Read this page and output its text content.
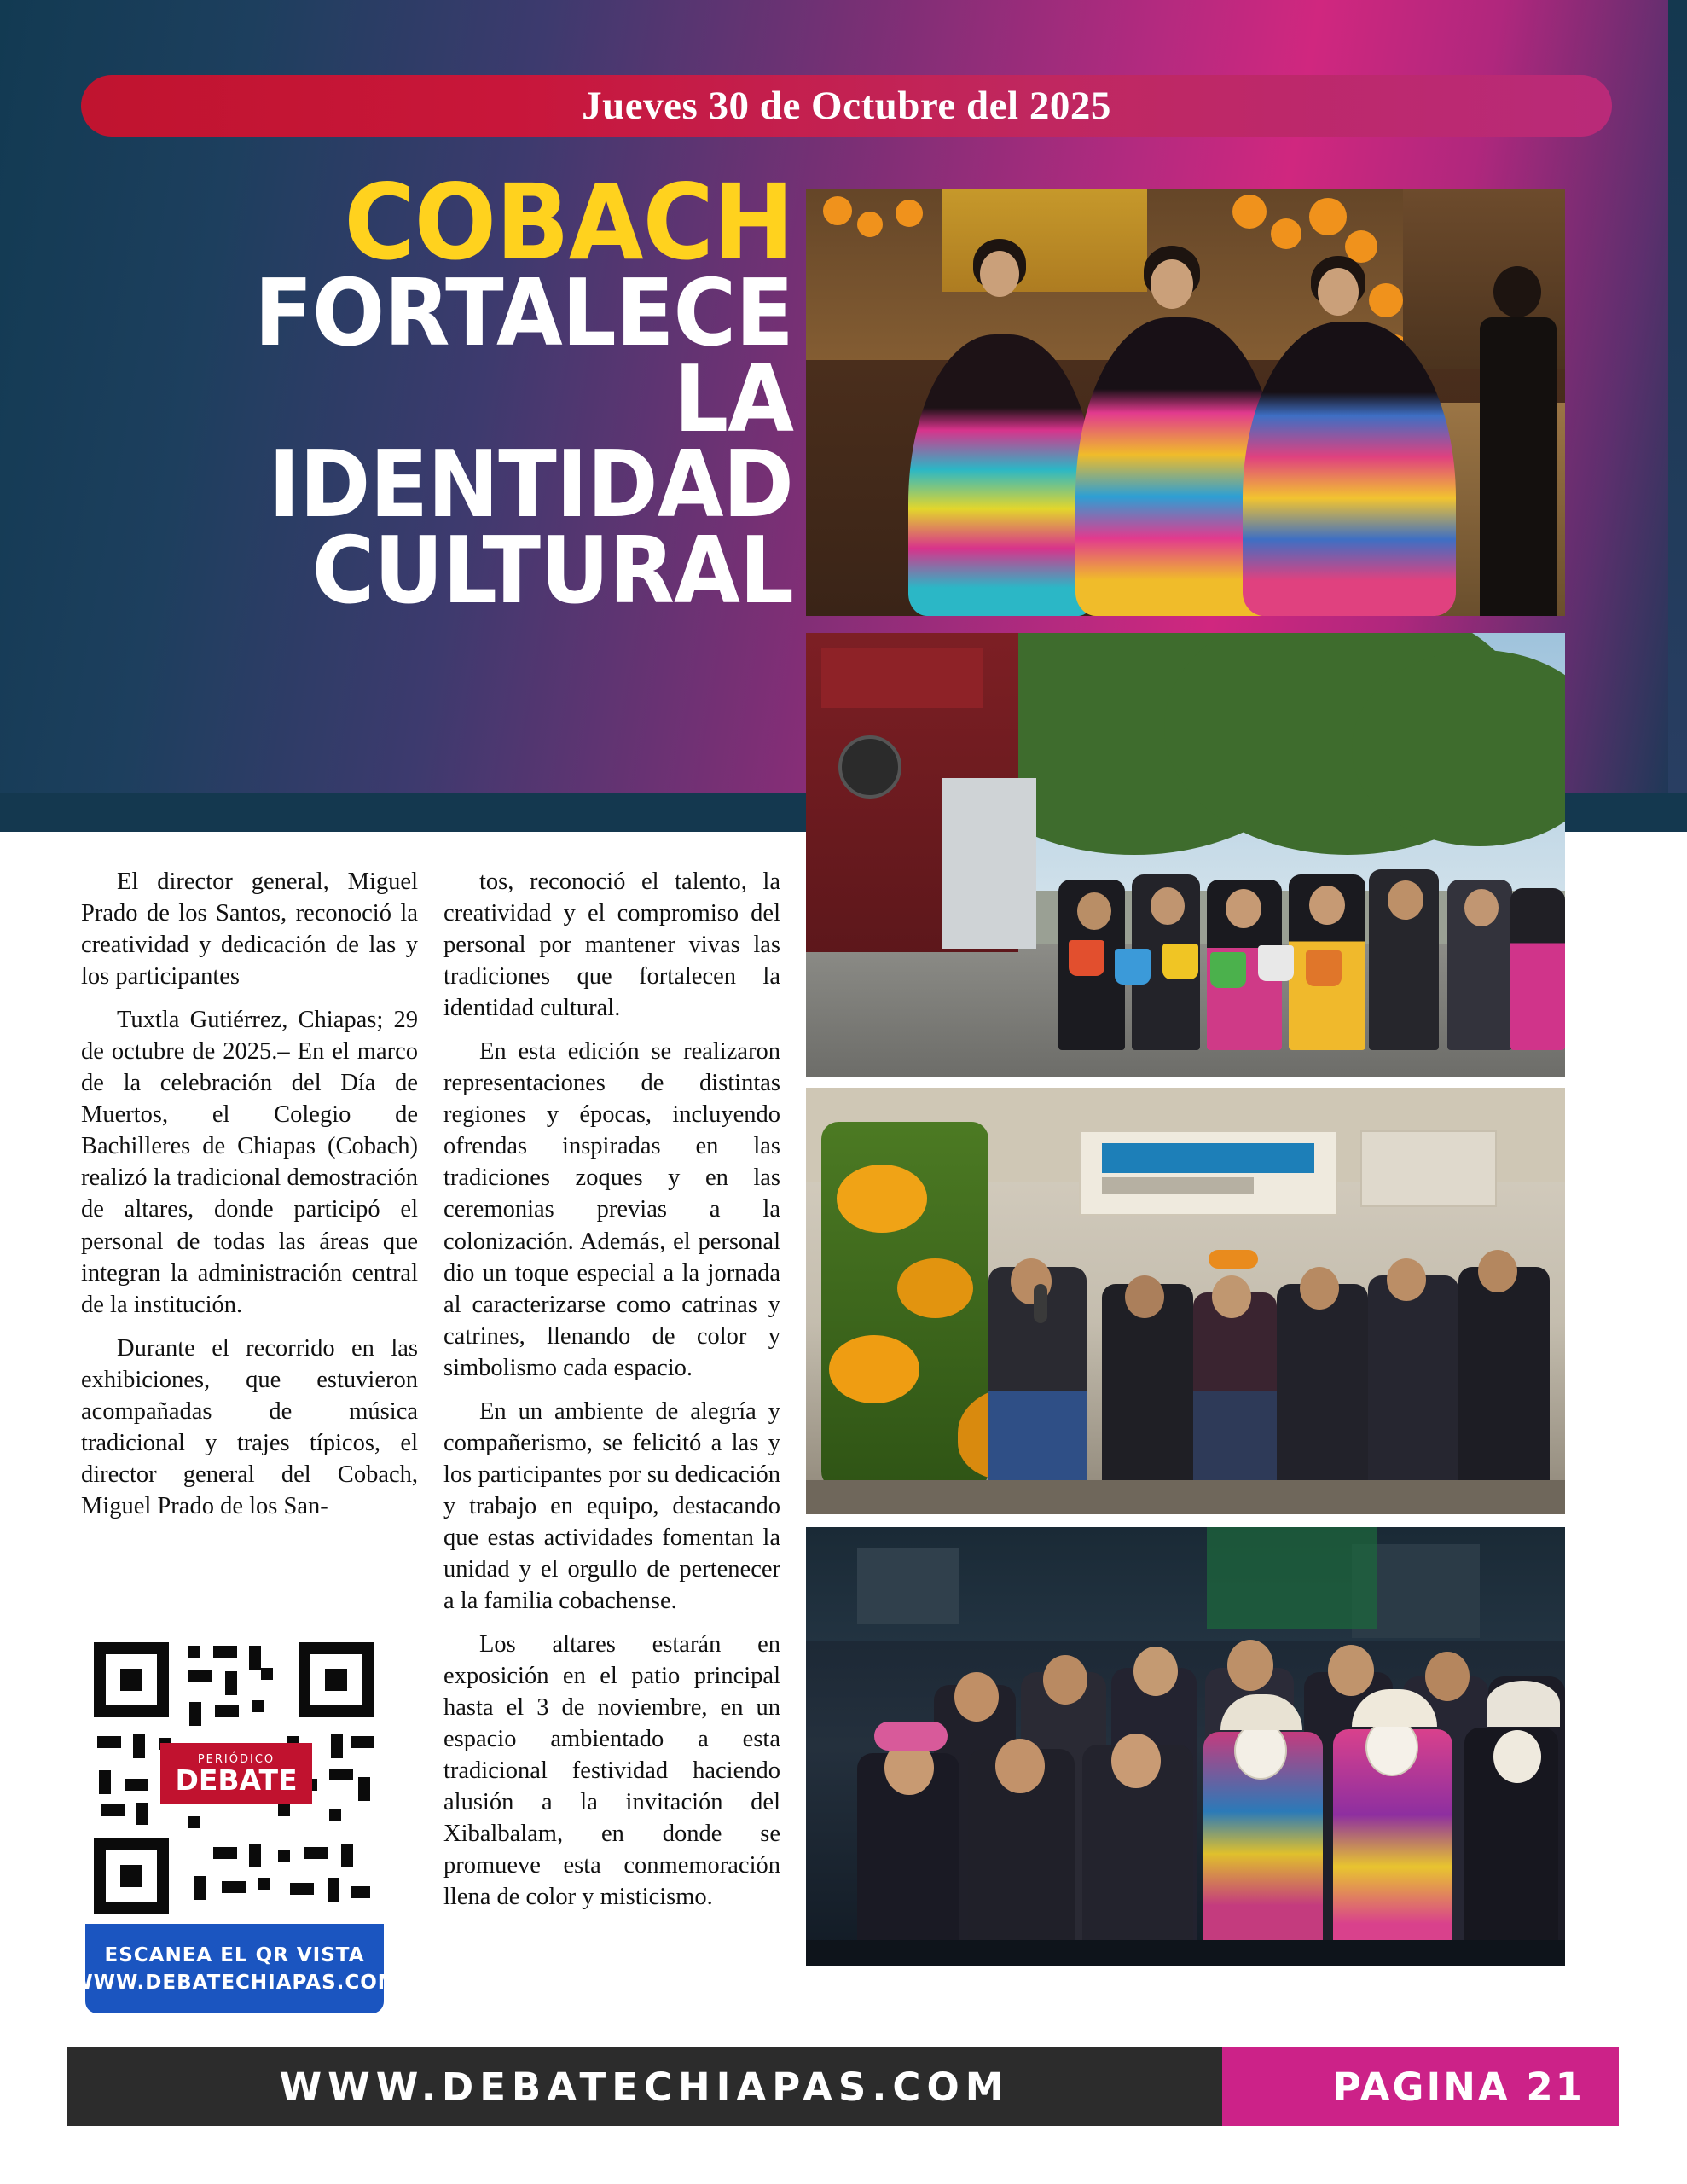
Jueves 30 de Octubre del 2025
COBACH
FORTALECE
LA IDENTIDAD
CULTURAL

El director general, Miguel Prado de los Santos, reconoció la creatividad y dedicación de las y los participantes

Tuxtla Gutiérrez, Chiapas; 29 de octubre de 2025.– En el marco de la celebración del Día de Muertos, el Colegio de Bachilleres de Chiapas (Cobach) realizó la tradicional demostración de altares, donde participó el personal de todas las áreas que integran la administración central de la institución.

Durante el recorrido en las exhibiciones, que estuvieron acompañadas de música tradicional y trajes típicos, el director general del Cobach, Miguel Prado de los San-

tos, reconoció el talento, la creatividad y el compromiso del personal por mantener vivas las tradiciones que fortalecen la identidad cultural.

En esta edición se realizaron representaciones de distintas regiones y épocas, incluyendo ofrendas inspiradas en las tradiciones zoques y en las ceremonias previas a la colonización. Además, el personal dio un toque especial a la jornada al caracterizarse como catrinas y catrines, llenando de color y simbolismo cada espacio.

En un ambiente de alegría y compañerismo, se felicitó a las y los participantes por su dedicación y trabajo en equipo, destacando que estas actividades fomentan la unidad y el orgullo de pertenecer a la familia cobachense.

Los altares estarán en exposición en el patio principal hasta el 3 de noviembre, en un espacio ambientado a esta tradicional festividad haciendo alusión a la invitación del Xibalbalam, en donde se promueve esta conmemoración llena de color y misticismo.

PERIÓDICO
DEBATE
ESCANEA EL QR VISTA
WWW.DEBATECHIAPAS.COM
WWW.DEBATECHIAPAS.COM	PAGINA 21
